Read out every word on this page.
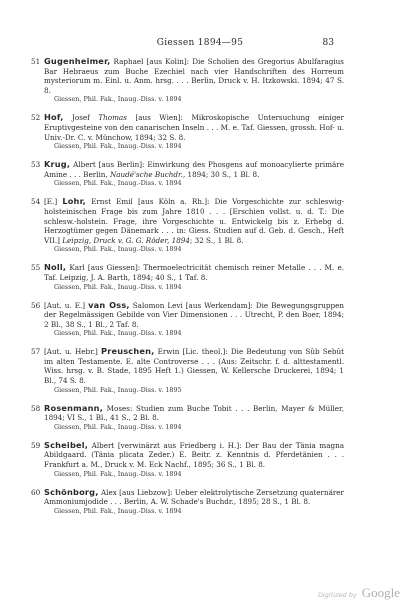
Giessen 1894—95	83
51 Gugenheimer, Raphael [aus Kolin]: Die Scholien des Gregorius Abulfaragius Bar Hebraeus zum Buche Ezechiel nach vier Handschriften des Horreum mysteriorum m. Einl. u. Anm. hrsg. . . . Berlin, Druck v. H. Itzkowski. 1894; 47 S. 8.
Giessen, Phil. Fak., Inaug.-Diss. v. 1894
52 Hof, Josef Thomas [aus Wien]: Mikroskopische Untersuchung einiger Eruptivgesteine von den canarischen Inseln . . . M. e. Taf. Giessen, grossh. Hof- u. Univ.-Dr. C. v. Münchow, 1894; 32 S. 8.
Giessen, Phil. Fak., Inaug.-Diss. v. 1894
53 Krug, Albert [aus Berlin]: Einwirkung des Phosgens auf monoacylierte primäre Amine . . . Berlin, Naudé'sche Buchdr., 1894; 30 S., 1 Bl. 8.
Giessen, Phil. Fak., Inaug.-Diss. v. 1894
54 [E.] Lohr, Ernst Emil [aus Köln a. Rh.]: Die Vorgeschichte zur schleswig-holsteinischen Frage bis zum Jahre 1810 . . . [Erschien vollst. u. d. T.: Die schlesw.-holstein. Frage, ihre Vorgeschichte u. Entwickelg bis z. Erhebg d. Herzogtümer gegen Dänemark . . . in: Giess. Studien auf d. Geb. d. Gesch., Heft VII.] Leipzig, Druck v. G. G. Röder, 1894; 32 S., 1 Bl. 8.
Giessen, Phil. Fak., Inaug.-Diss. v. 1894
55 Noll, Karl [aus Giessen]: Thermoelectricität chemisch reiner Metalle . . . M. e. Taf. Leipzig, J. A. Barth, 1894; 40 S., 1 Taf. 8.
Giessen, Phil. Fak., Inaug.-Diss. v. 1894
56 [Aut. u. E.] van Oss, Salomon Levi [aus Werkendam]: Die Bewegungsgruppen der Regelmässigen Gebilde von Vier Dimensionen . . . Utrecht, P. den Boer, 1894; 2 Bl., 38 S., 1 Bl., 2 Taf. 8.
Giessen, Phil. Fak., Inaug.-Diss. v. 1894
57 [Aut. u. Hebr.] Preuschen, Erwin [Lic. theol.]: Die Bedeutung von Sûb Sebût im alten Testamente. E. alte Controverse . . . (Aus: Zeitschr. f. d. alttestamentl. Wiss. hrsg. v. B. Stade, 1895 Heft 1.) Giessen, W. Kellersche Druckerei, 1894; 1 Bl., 74 S. 8.
Giessen, Phil. Fak., Inaug.-Diss. v. 1895
58 Rosenmann, Moses: Studien zum Buche Tobit . . . Berlin, Mayer & Müller, 1894; VI S., 1 Bl., 41 S., 2 Bl. 8.
Giessen, Phil. Fak., Inaug.-Diss. v. 1894
59 Scheibel, Albert [verwinärzt aus Friedberg i. H.]: Der Bau der Tänia magna Abildgaard. (Tänia plicata Zeder.) E. Beitr. z. Kenntnis d. Pferdetänien . . . Frankfurt a. M., Druck v. M. Eck Nachf., 1895; 36 S., 1 Bl. 8.
Giessen, Phil. Fak., Inaug.-Diss. v. 1894
60 Schönborg, Alex [aus Liebzow]: Ueber elektrolytische Zersetzung quaternärer Ammoniumjodide . . . Berlin, A. W. Schade's Buchdr., 1895; 28 S., 1 Bl. 8.
Giessen, Phil. Fak., Inaug.-Diss. v. 1894
Digitized by Google
